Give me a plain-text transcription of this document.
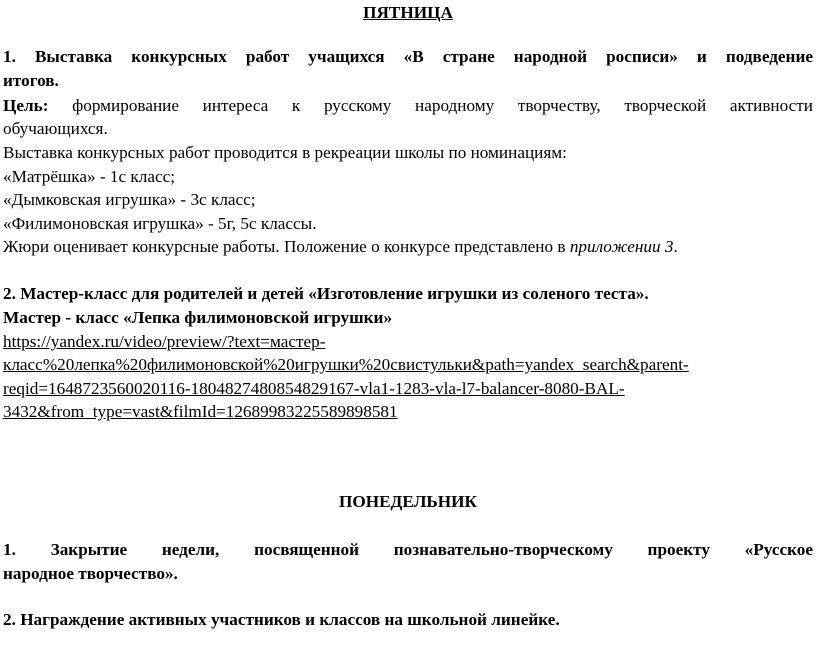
ПЯТНИЦА
1. Выставка конкурсных работ учащихся «В стране народной росписи» и подведение
итогов.
Цель: формирование интереса к русскому народному творчеству, творческой активности
обучающихся.
Выставка конкурсных работ проводится в рекреации школы по номинациям:
«Матрёшка» - 1с класс;
«Дымковская игрушка» - 3с класс;
«Филимоновская игрушка» - 5г, 5с классы.
Жюри оценивает конкурсные работы. Положение о конкурсе представлено в приложении 3.
2. Мастер-класс для родителей и детей «Изготовление игрушки из соленого теста».
Мастер - класс «Лепка филимоновской игрушки»
https://yandex.ru/video/preview/?text=мастер-
класс%20лепка%20филимоновской%20игрушки%20свистульки&path=yandex_search&parent-
reqid=1648723560020116-1804827480854829167-vla1-1283-vla-l7-balancer-8080-BAL-
3432&from_type=vast&filmId=12689983225589898581
ПОНЕДЕЛЬНИК
1. Закрытие недели, посвященной познавательно-творческому проекту «Русское
народное творчество».
2. Награждение активных участников и классов на школьной линейке.
